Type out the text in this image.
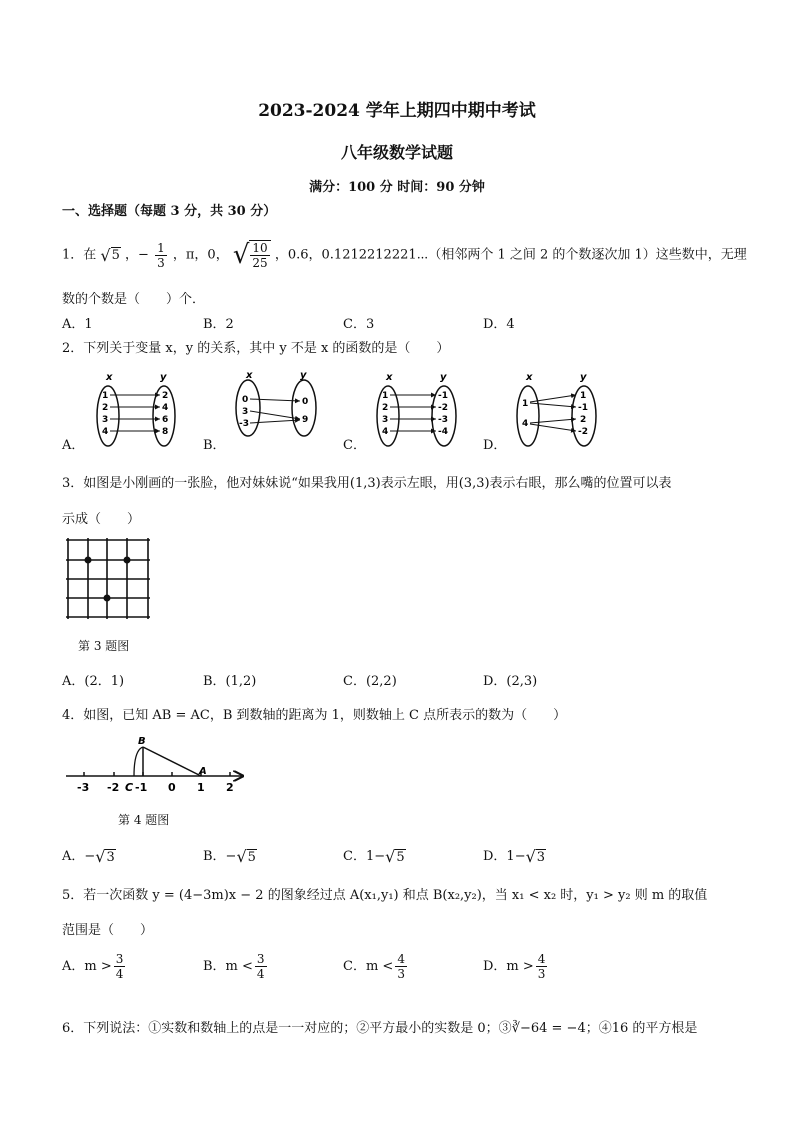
2023-2024 学年上期四中期中考试
八年级数学试题
满分：100 分 时间：90 分钟
一、选择题（每题 3 分，共 30 分）
1．在 √ 5 ，− $\frac{1}{3}$ ，π，0， √ $\frac{10}{25}$ ，0.6，0.1212212221⋯（相邻两个 1 之间 2 的个数逐次加 1）这些数中，无理
数的个数是（　　）个．
A．1	B．2	C．3	D．4
2．下列关于变量 x，y 的关系，其中 y 不是 x 的函数的是（　　）
A．	B．	C．	D．
x	y
1
2
3
4
2
4
6
8
x	y
0
3
-3
0
9
x	y
1
2
3
4
-1
-2
-3
-4
x	y
1
4
1
-1
2
-2
3．如图是小刚画的一张脸，他对妹妹说“如果我用(1,3)表示左眼，用(3,3)表示右眼，那么嘴的位置可以表
示成（　　）
第 3 题图
A．(2．1)	B．(1,2)	C．(2,2)	D．(2,3)
4．如图，已知 AB = AC，B 到数轴的距离为 1，则数轴上 C 点所表示的数为（　　）
B
A
-3 -2 C -1 0 1 2
第 4 题图
A．− √ 3	B．− √ 5	C．1− √ 5	D．1− √ 3
5．若一次函数 y = (4−3m)x − 2 的图象经过点 A(x₁,y₁) 和点 B(x₂,y₂)，当 x₁ < x₂ 时，y₁ > y₂ 则 m 的取值
范围是（　　）
A．$m > \frac{3}{4}$	B．$m < \frac{3}{4}$	C．$m < \frac{4}{3}$	D．$m > \frac{4}{3}$
6．下列说法：①实数和数轴上的点是一一对应的；②平方最小的实数是 0；③∛−64 = −4；④16 的平方根是
